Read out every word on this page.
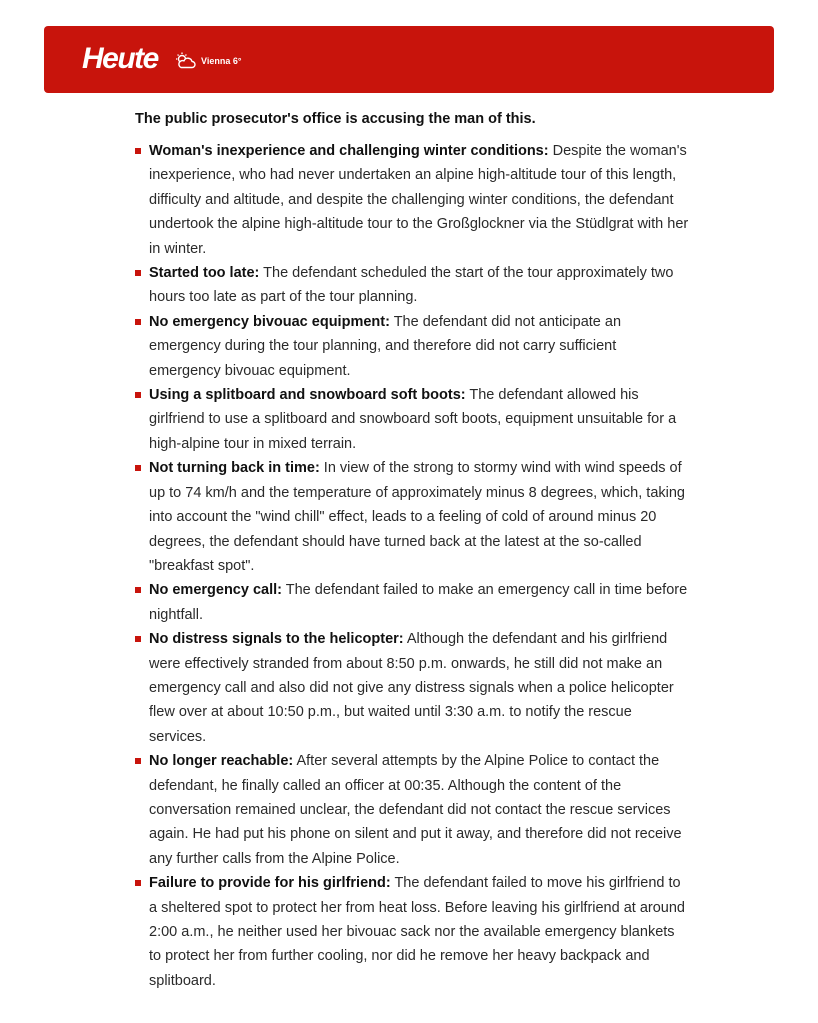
Heute	Vienna 6°

The public prosecutor's office is accusing the man of this.

Woman's inexperience and challenging winter conditions: Despite the woman's inexperience, who had never undertaken an alpine high-altitude tour of this length, difficulty and altitude, and despite the challenging winter conditions, the defendant undertook the alpine high-altitude tour to the Großglockner via the Stüdlgrat with her in winter.
Started too late: The defendant scheduled the start of the tour approximately two hours too late as part of the tour planning.
No emergency bivouac equipment: The defendant did not anticipate an emergency during the tour planning, and therefore did not carry sufficient emergency bivouac equipment.
Using a splitboard and snowboard soft boots: The defendant allowed his girlfriend to use a splitboard and snowboard soft boots, equipment unsuitable for a high-alpine tour in mixed terrain.
Not turning back in time: In view of the strong to stormy wind with wind speeds of up to 74 km/h and the temperature of approximately minus 8 degrees, which, taking into account the "wind chill" effect, leads to a feeling of cold of around minus 20 degrees, the defendant should have turned back at the latest at the so-called "breakfast spot".
No emergency call: The defendant failed to make an emergency call in time before nightfall.
No distress signals to the helicopter: Although the defendant and his girlfriend were effectively stranded from about 8:50 p.m. onwards, he still did not make an emergency call and also did not give any distress signals when a police helicopter flew over at about 10:50 p.m., but waited until 3:30 a.m. to notify the rescue services.
No longer reachable: After several attempts by the Alpine Police to contact the defendant, he finally called an officer at 00:35. Although the content of the conversation remained unclear, the defendant did not contact the rescue services again. He had put his phone on silent and put it away, and therefore did not receive any further calls from the Alpine Police.
Failure to provide for his girlfriend: The defendant failed to move his girlfriend to a sheltered spot to protect her from heat loss. Before leaving his girlfriend at around 2:00 a.m., he neither used her bivouac sack nor the available emergency blankets to protect her from further cooling, nor did he remove her heavy backpack and splitboard.
